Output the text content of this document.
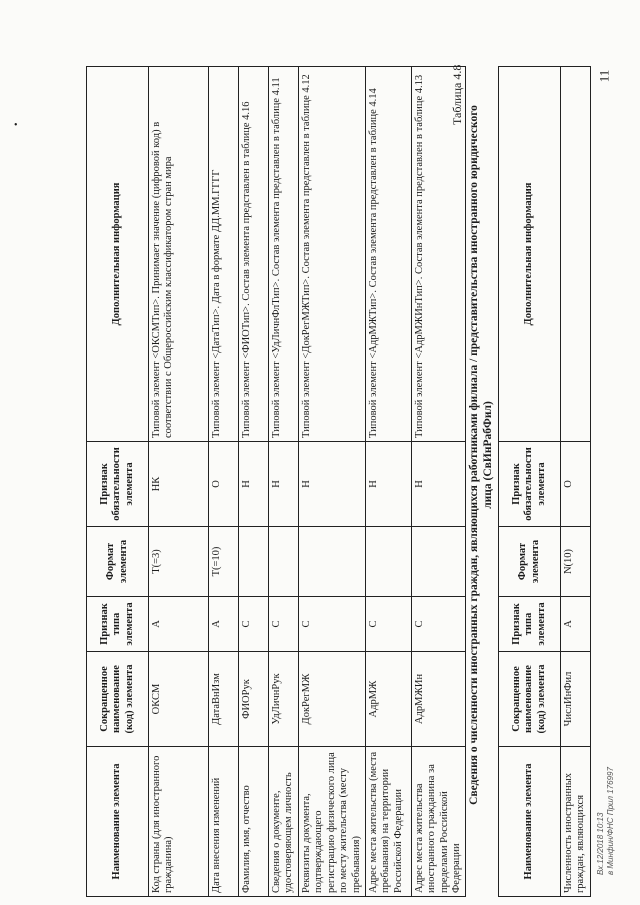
11
•
Наименование элемента	Сокращенное наименование (код) элемента	Признак типа элемента	Формат элемента	Признак обязательности элемента	Дополнительная информация
Код страны (для иностранного гражданина)	ОКСМ	А	T(=3)	НК	Типовой элемент <ОКСМТип>. Принимает значение (цифровой код) в соответствии с Общероссийским классификатором стран мира
Дата внесения изменений	ДатаВнИзм	А	T(=10)	О	Типовой элемент <ДатаТип>. Дата в формате ДД.ММ.ГГГГ
Фамилия, имя, отчество	ФИОРук	С		Н	Типовой элемент <ФИОТип>. Состав элемента представлен в таблице 4.16
Сведения о документе, удостоверяющем личность	УдЛичнРук	С		Н	Типовой элемент <УдЛичнФлТип>. Состав элемента представлен в таблице 4.11
Реквизиты документа, подтверждающего регистрацию физического лица по месту жительства (месту пребывания)	ДокРегМЖ	С		Н	Типовой элемент <ДокРегМЖТип>. Состав элемента представлен в таблице 4.12
Адрес места жительства (места пребывания) на территории Российской Федерации	АдрМЖ	С		Н	Типовой элемент <АдрМЖТип>. Состав элемента представлен в таблице 4.14
Адрес места жительства иностранного гражданина за пределами Российской Федерации	АдрМЖИн	С		Н	Типовой элемент <АдрМЖИнТип>. Состав элемента представлен в таблице 4.13 Таблица 4.8
Сведения о численности иностранных граждан, являющихся работниками филиала / представительства иностранного юридического лица (СвИнРабФил)
Наименование элемента	Сокращенное наименование (код) элемента	Признак типа элемента	Формат элемента	Признак обязательности элемента	Дополнительная информация
Численность иностранных граждан, являющихся	ЧислИнФил	А	N(10)	О	
Вх.12/2018 10:13 в Минфин/ФНС Прил 176997
